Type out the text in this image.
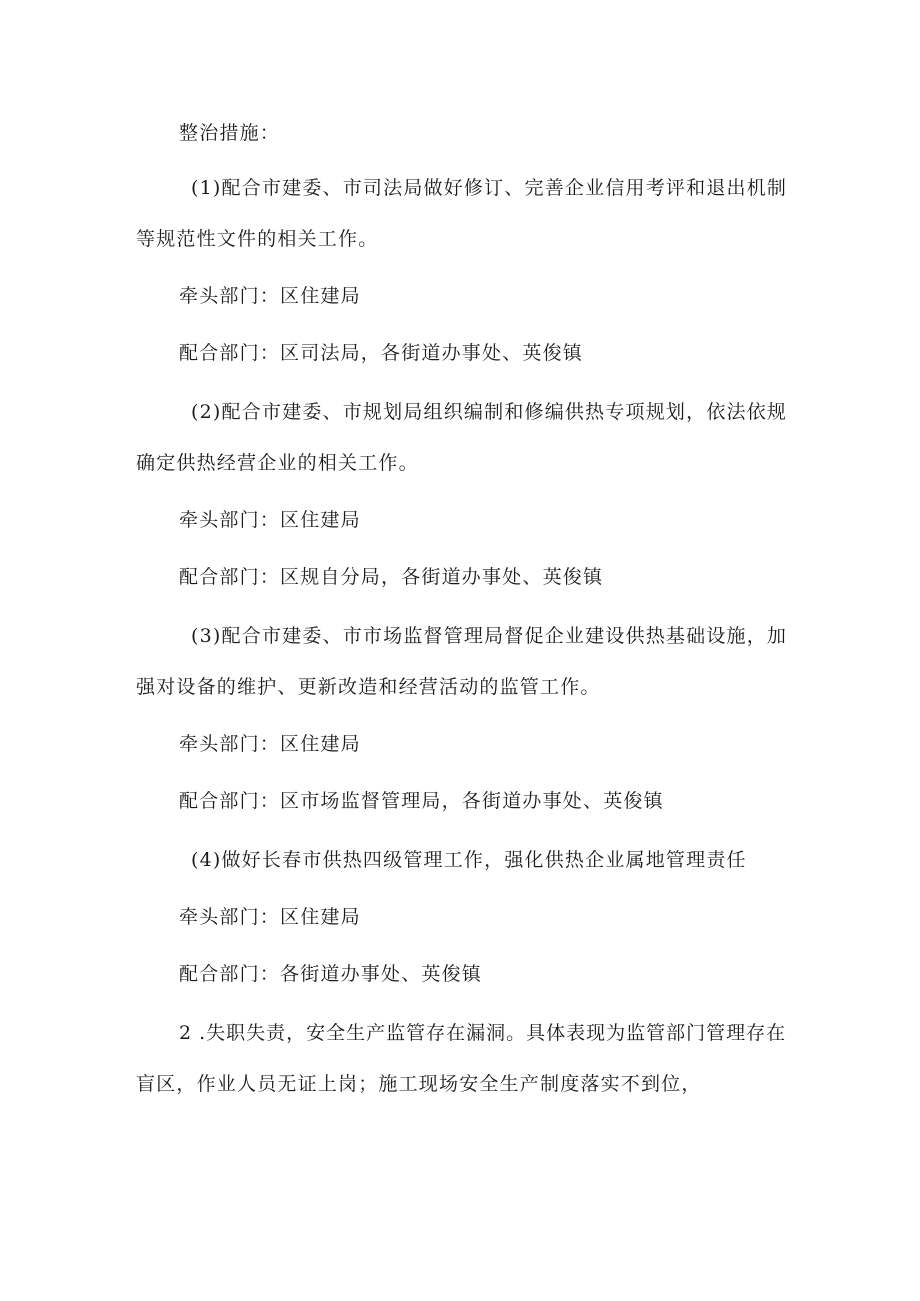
整治措施：
(1)配合市建委、市司法局做好修订、完善企业信用考评和退出机制
等规范性文件的相关工作。
牵头部门：区住建局
配合部门：区司法局，各街道办事处、英俊镇
(2)配合市建委、市规划局组织编制和修编供热专项规划，依法依规
确定供热经营企业的相关工作。
牵头部门：区住建局
配合部门：区规自分局，各街道办事处、英俊镇
(3)配合市建委、市市场监督管理局督促企业建设供热基础设施，加
强对设备的维护、更新改造和经营活动的监管工作。
牵头部门：区住建局
配合部门：区市场监督管理局，各街道办事处、英俊镇
(4)做好长春市供热四级管理工作，强化供热企业属地管理责任
牵头部门：区住建局
配合部门：各街道办事处、英俊镇
2 .失职失责，安全生产监管存在漏洞。具体表现为监管部门管理存在
盲区，作业人员无证上岗；施工现场安全生产制度落实不到位，
